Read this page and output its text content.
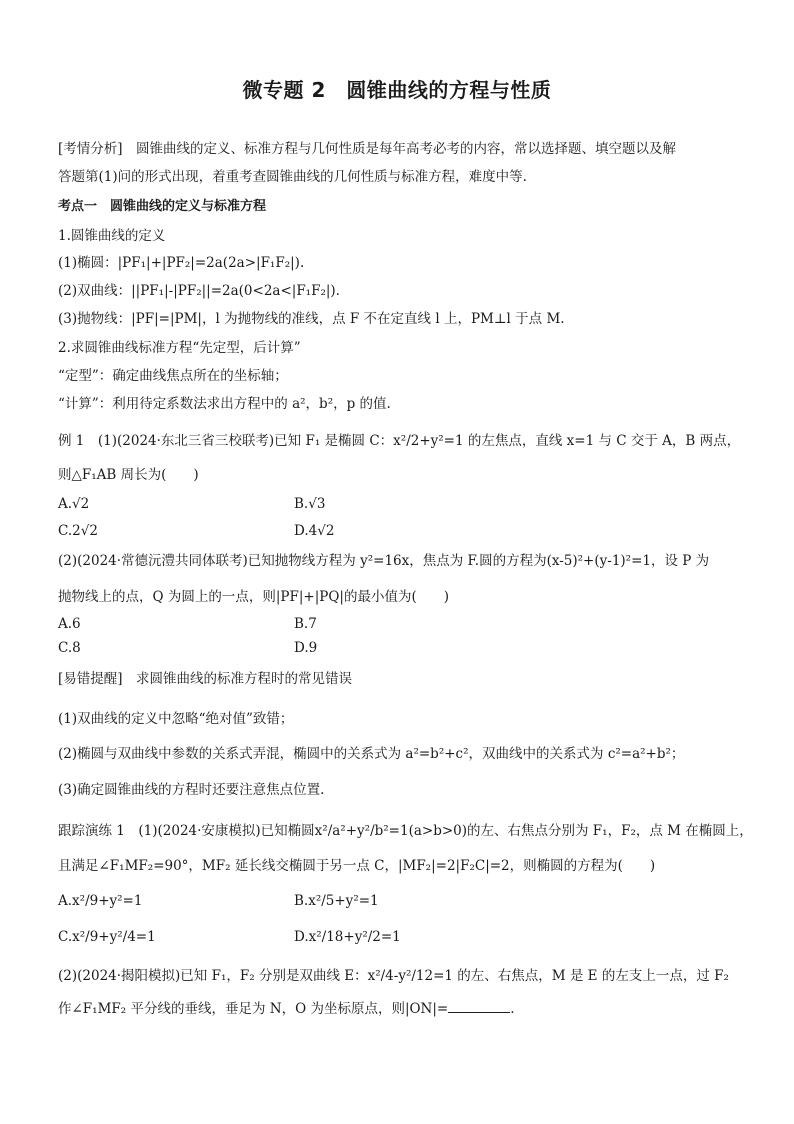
微专题 2　圆锥曲线的方程与性质
[考情分析]　圆锥曲线的定义、标准方程与几何性质是每年高考必考的内容，常以选择题、填空题以及解
答题第(1)问的形式出现，着重考查圆锥曲线的几何性质与标准方程，难度中等.
考点一　圆锥曲线的定义与标准方程
1.圆锥曲线的定义
(1)椭圆：|PF₁|+|PF₂|=2a(2a>|F₁F₂|).
(2)双曲线：||PF₁|-|PF₂||=2a(0<2a<|F₁F₂|).
(3)抛物线：|PF|=|PM|，l 为抛物线的准线，点 F 不在定直线 l 上，PM⊥l 于点 M.
2.求圆锥曲线标准方程“先定型，后计算”
“定型”：确定曲线焦点所在的坐标轴；
“计算”：利用待定系数法求出方程中的 a²，b²，p 的值.
例 1　(1)(2024·东北三省三校联考)已知 F₁ 是椭圆 C：x²/2+y²=1 的左焦点，直线 x=1 与 C 交于 A，B 两点，
则△F₁AB 周长为(　　)
A.√2	B.√3
C.2√2	D.4√2
(2)(2024·常德沅澧共同体联考)已知抛物线方程为 y²=16x，焦点为 F.圆的方程为(x-5)²+(y-1)²=1，设 P 为
抛物线上的点，Q 为圆上的一点，则|PF|+|PQ|的最小值为(　　)
A.6	B.7
C.8	D.9
[易错提醒]　求圆锥曲线的标准方程时的常见错误
(1)双曲线的定义中忽略“绝对值”致错；
(2)椭圆与双曲线中参数的关系式弄混，椭圆中的关系式为 a²=b²+c²，双曲线中的关系式为 c²=a²+b²；
(3)确定圆锥曲线的方程时还要注意焦点位置.
跟踪演练 1　(1)(2024·安康模拟)已知椭圆x²/a²+y²/b²=1(a>b>0)的左、右焦点分别为 F₁，F₂，点 M 在椭圆上，
且满足∠F₁MF₂=90°，MF₂ 延长线交椭圆于另一点 C，|MF₂|=2|F₂C|=2，则椭圆的方程为(　　)
A.x²/9+y²=1	B.x²/5+y²=1
C.x²/9+y²/4=1	D.x²/18+y²/2=1
(2)(2024·揭阳模拟)已知 F₁，F₂ 分别是双曲线 E：x²/4-y²/12=1 的左、右焦点，M 是 E 的左支上一点，过 F₂
作∠F₁MF₂ 平分线的垂线，垂足为 N，O 为坐标原点，则|ON|=	.
